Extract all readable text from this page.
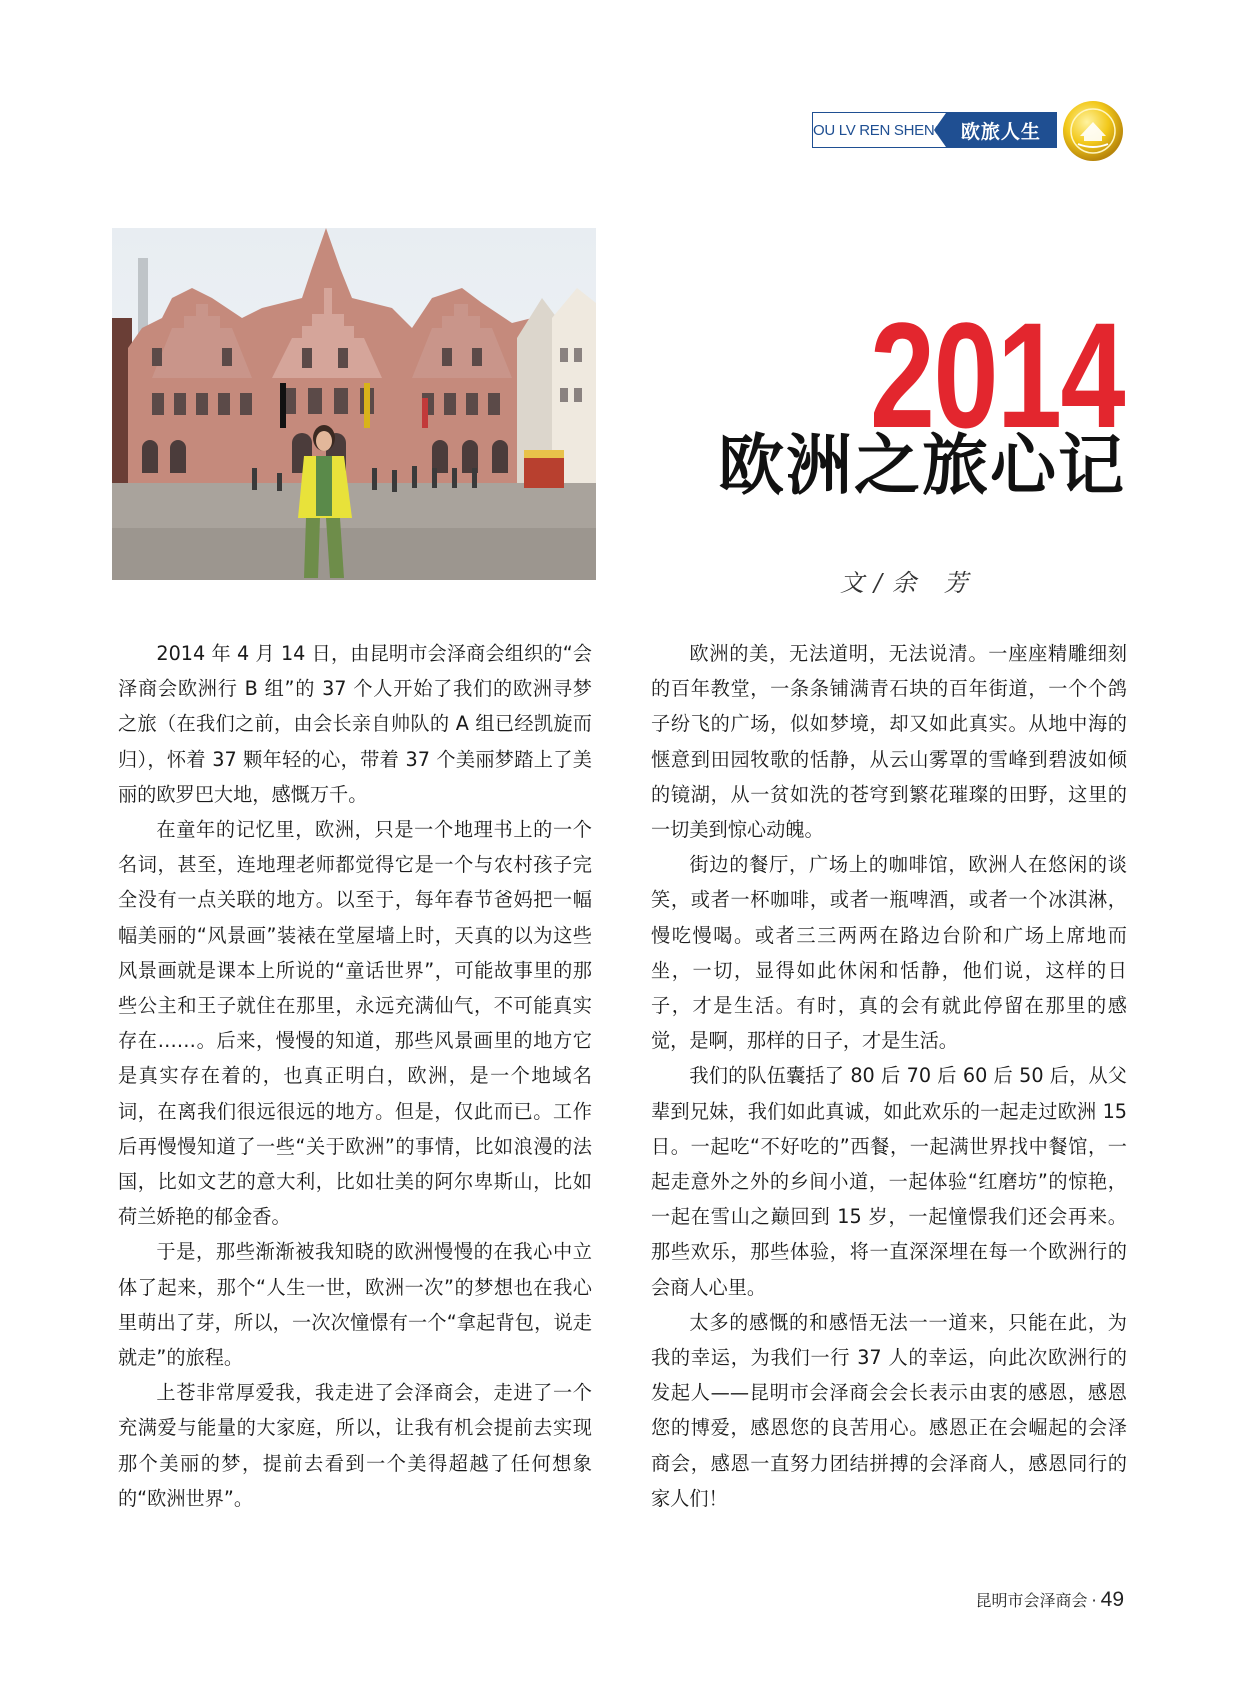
OU LV REN SHENG 欧旅人生
2014
欧洲之旅心记
文/余 芳

2014 年 4 月 14 日，由昆明市会泽商会组织的“会泽商会欧洲行 B 组”的 37 个人开始了我们的欧洲寻梦之旅（在我们之前，由会长亲自帅队的 A 组已经凯旋而归），怀着 37 颗年轻的心，带着 37 个美丽梦踏上了美丽的欧罗巴大地，感慨万千。

在童年的记忆里，欧洲，只是一个地理书上的一个名词，甚至，连地理老师都觉得它是一个与农村孩子完全没有一点关联的地方。以至于，每年春节爸妈把一幅幅美丽的“风景画”装裱在堂屋墙上时，天真的以为这些风景画就是课本上所说的“童话世界”，可能故事里的那些公主和王子就住在那里，永远充满仙气，不可能真实存在……。后来，慢慢的知道，那些风景画里的地方它是真实存在着的，也真正明白，欧洲，是一个地域名词，在离我们很远很远的地方。但是，仅此而已。工作后再慢慢知道了一些“关于欧洲”的事情，比如浪漫的法国，比如文艺的意大利，比如壮美的阿尔卑斯山，比如荷兰娇艳的郁金香。

于是，那些渐渐被我知晓的欧洲慢慢的在我心中立体了起来，那个“人生一世，欧洲一次”的梦想也在我心里萌出了芽，所以，一次次憧憬有一个“拿起背包，说走就走”的旅程。

上苍非常厚爱我，我走进了会泽商会，走进了一个充满爱与能量的大家庭，所以，让我有机会提前去实现那个美丽的梦，提前去看到一个美得超越了任何想象的“欧洲世界”。

欧洲的美，无法道明，无法说清。一座座精雕细刻的百年教堂，一条条铺满青石块的百年街道，一个个鸽子纷飞的广场，似如梦境，却又如此真实。从地中海的惬意到田园牧歌的恬静，从云山雾罩的雪峰到碧波如倾的镜湖，从一贫如洗的苍穹到繁花璀璨的田野，这里的一切美到惊心动魄。

街边的餐厅，广场上的咖啡馆，欧洲人在悠闲的谈笑，或者一杯咖啡，或者一瓶啤酒，或者一个冰淇淋，慢吃慢喝。或者三三两两在路边台阶和广场上席地而坐，一切，显得如此休闲和恬静，他们说，这样的日子，才是生活。有时，真的会有就此停留在那里的感觉，是啊，那样的日子，才是生活。

我们的队伍囊括了 80 后 70 后 60 后 50 后，从父辈到兄妹，我们如此真诚，如此欢乐的一起走过欧洲 15 日。一起吃“不好吃的”西餐，一起满世界找中餐馆，一起走意外之外的乡间小道，一起体验“红磨坊”的惊艳，一起在雪山之巅回到 15 岁，一起憧憬我们还会再来。那些欢乐，那些体验，将一直深深埋在每一个欧洲行的会商人心里。

太多的感慨的和感悟无法一一道来，只能在此，为我的幸运，为我们一行 37 人的幸运，向此次欧洲行的发起人——昆明市会泽商会会长表示由衷的感恩，感恩您的博爱，感恩您的良苦用心。感恩正在会崛起的会泽商会，感恩一直努力团结拼搏的会泽商人，感恩同行的家人们！

昆明市会泽商会 · 49
